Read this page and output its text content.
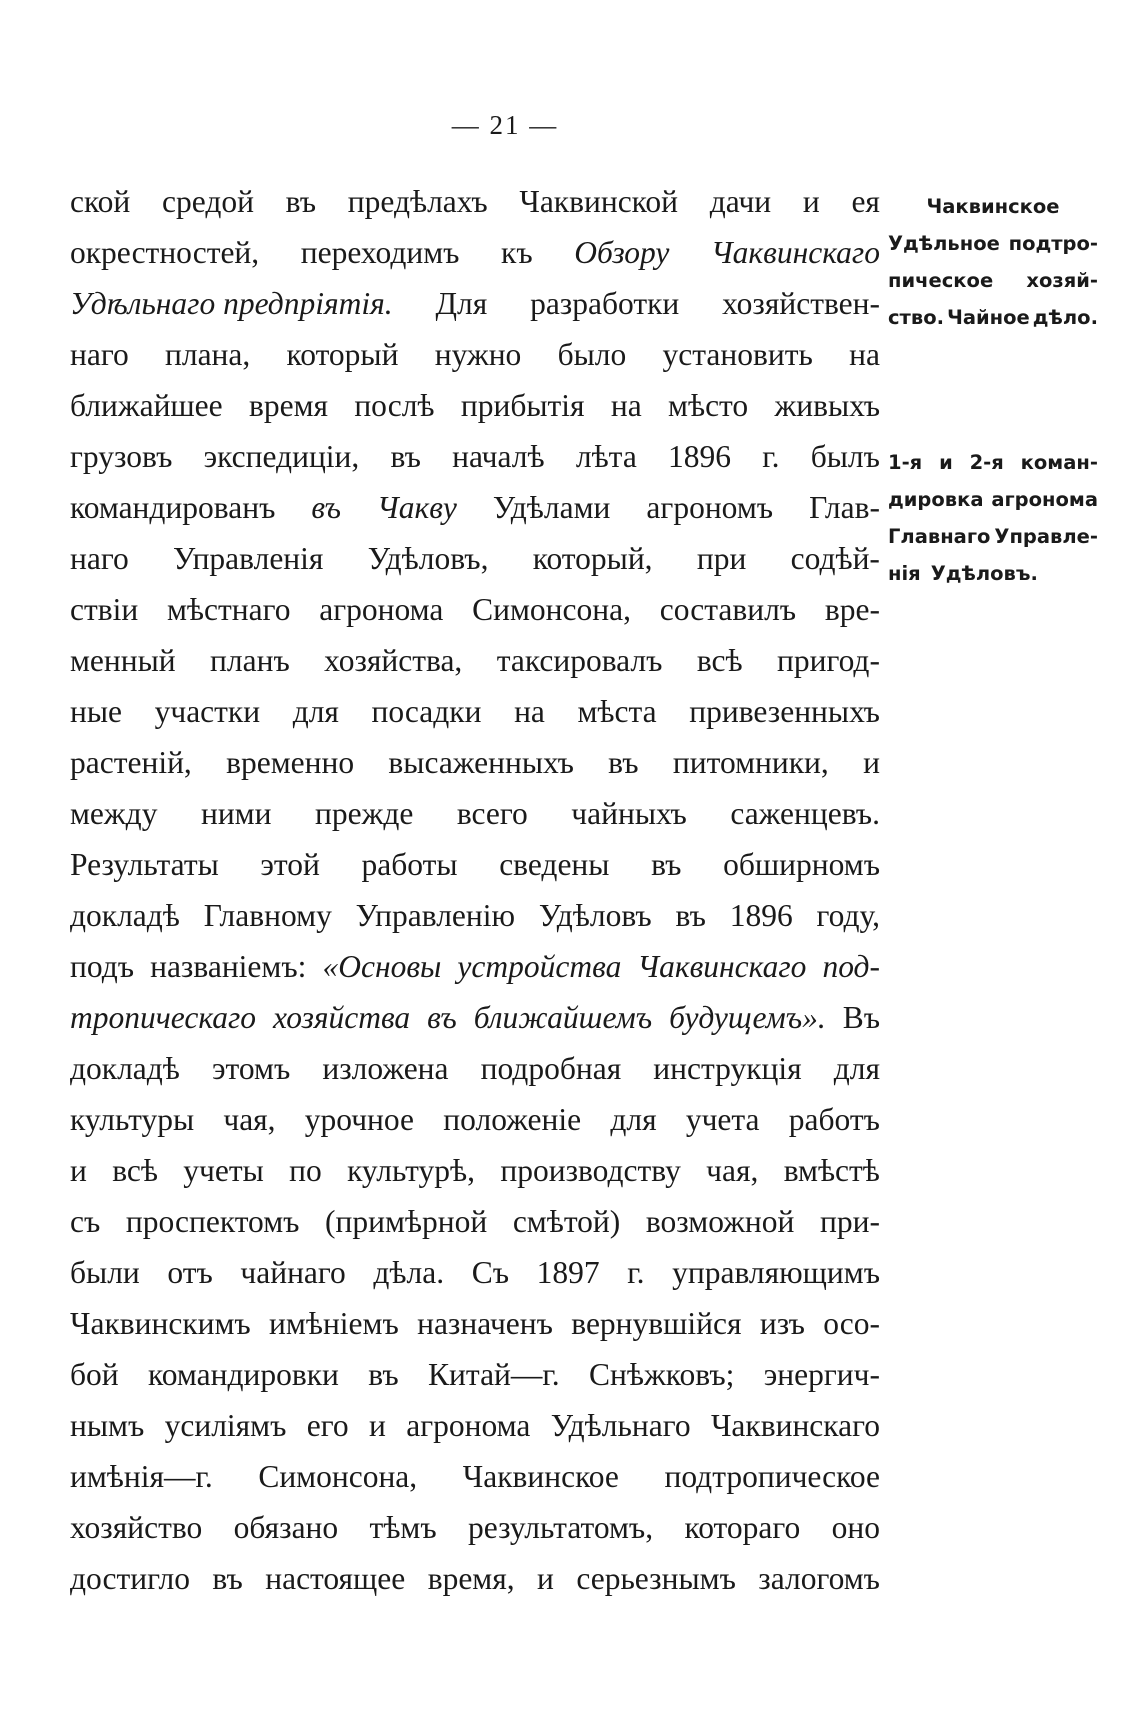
— 21 —
ской средой въ предѣлахъ Чаквинской дачи и ея
окрестностей, переходимъ къ Обзору Чаквинскаго
Удѣльнаго предпріятія. Для разработки хозяйствен-
наго плана, который нужно было установить на
ближайшее время послѣ прибытія на мѣсто живыхъ
грузовъ экспедиціи, въ началѣ лѣта 1896 г. былъ
командированъ въ Чакву Удѣлами агрономъ Глав-
наго Управленія Удѣловъ, который, при содѣй-
ствіи мѣстнаго агронома Симонсона, составилъ вре-
менный планъ хозяйства, таксировалъ всѣ пригод-
ные участки для посадки на мѣста привезенныхъ
растеній, временно высаженныхъ въ питомники, и
между ними прежде всего чайныхъ саженцевъ.
Результаты этой работы сведены въ обширномъ
докладѣ Главному Управленію Удѣловъ въ 1896 году,
подъ названіемъ: «Основы устройства Чаквинскаго под-
тропическаго хозяйства въ ближайшемъ будущемъ». Въ
докладѣ этомъ изложена подробная инструкція для
культуры чая, урочное положеніе для учета работъ
и всѣ учеты по культурѣ, производству чая, вмѣстѣ
съ проспектомъ (примѣрной смѣтой) возможной при-
были отъ чайнаго дѣла. Съ 1897 г. управляющимъ
Чаквинскимъ имѣніемъ назначенъ вернувшійся изъ осо-
бой командировки въ Китай—г. Снѣжковъ; энергич-
нымъ усиліямъ его и агронома Удѣльнаго Чаквинскаго
имѣнія—г. Симонсона, Чаквинское подтропическое
хозяйство обязано тѣмъ результатомъ, котораго оно
достигло въ настоящее время, и серьезнымъ залогомъ
Чаквинское
Удѣльное подтро-
пическое хозяй-
ство. Чайное дѣло.
1-я и 2-я коман-
дировка агронома
Главнаго Управле-
нія Удѣловъ.
